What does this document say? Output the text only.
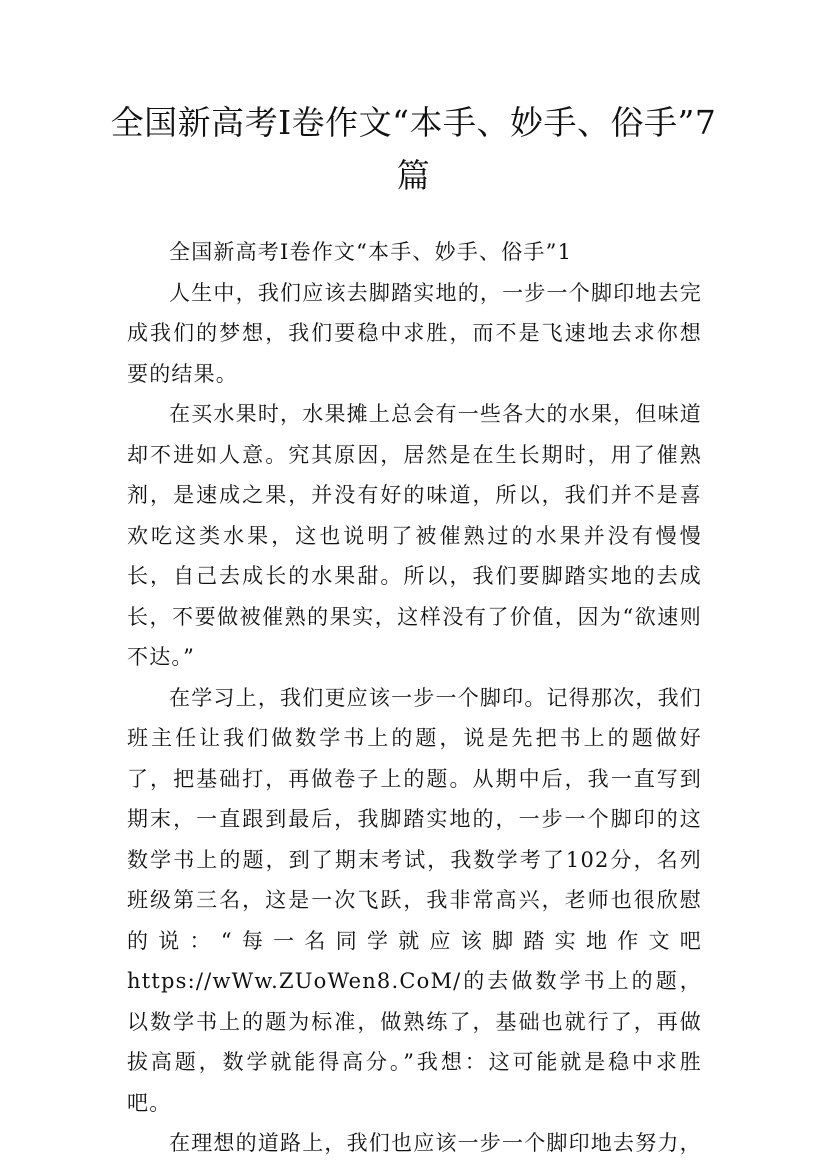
全国新高考Ⅰ卷作文“本手、妙手、俗手”7篇

全国新高考Ⅰ卷作文“本手、妙手、俗手”1

人生中，我们应该去脚踏实地的，一步一个脚印地去完成我们的梦想，我们要稳中求胜，而不是飞速地去求你想要的结果。

在买水果时，水果摊上总会有一些各大的水果，但味道却不进如人意。究其原因，居然是在生长期时，用了催熟剂，是速成之果，并没有好的味道，所以，我们并不是喜欢吃这类水果，这也说明了被催熟过的水果并没有慢慢长，自己去成长的水果甜。所以，我们要脚踏实地的去成长，不要做被催熟的果实，这样没有了价值，因为“欲速则不达。”

在学习上，我们更应该一步一个脚印。记得那次，我们班主任让我们做数学书上的题，说是先把书上的题做好了，把基础打，再做卷子上的题。从期中后，我一直写到期末，一直跟到最后，我脚踏实地的，一步一个脚印的这数学书上的题，到了期末考试，我数学考了102分，名列班级第三名，这是一次飞跃，我非常高兴，老师也很欣慰的说：“每一名同学就应该脚踏实地作文吧https://wWw.ZUoWen8.CoM/的去做数学书上的题，以数学书上的题为标准，做熟练了，基础也就行了，再做拔高题，数学就能得高分。”我想：这可能就是稳中求胜吧。

在理想的道路上，我们也应该一步一个脚印地去努力，
